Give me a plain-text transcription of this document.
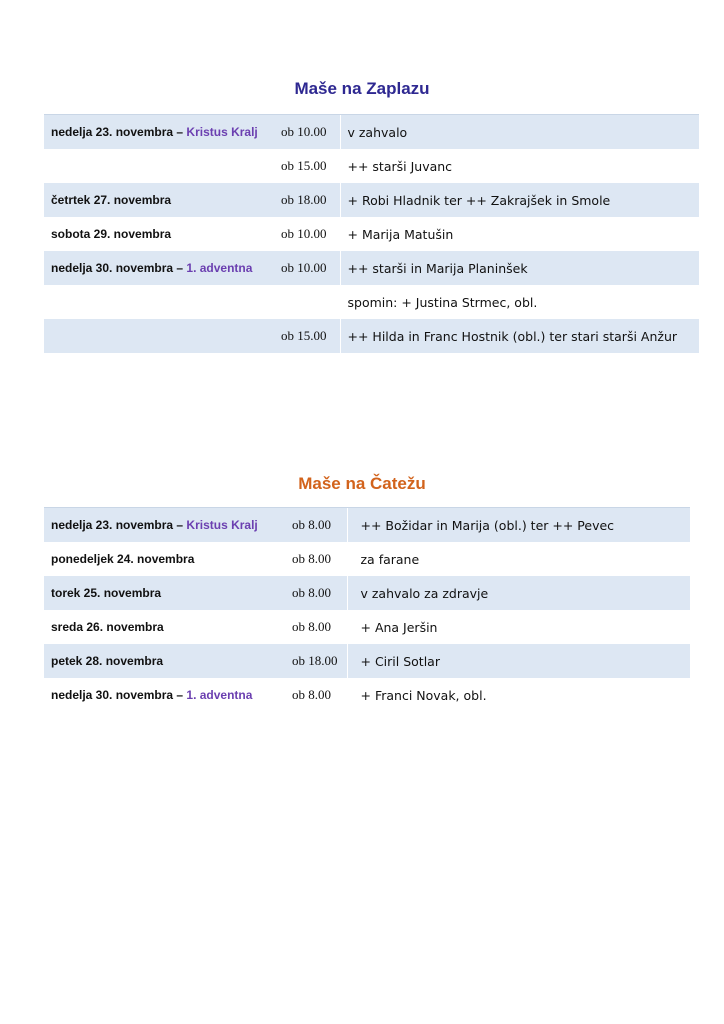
Maše na Zaplazu
nedelja 23. novembra – Kristus Kralj	ob 10.00	v zahvalo
	ob 15.00	++ starši Juvanc
četrtek 27. novembra	ob 18.00	+ Robi Hladnik ter ++ Zakrajšek in Smole
sobota 29. novembra	ob 10.00	+ Marija Matušin
nedelja 30. novembra – 1. adventna	ob 10.00	++ starši in Marija Planinšek
		spomin: + Justina Strmec, obl.
	ob 15.00	++ Hilda in Franc Hostnik (obl.) ter stari starši Anžur
Maše na Čatežu
nedelja 23. novembra – Kristus Kralj	ob 8.00	++ Božidar in Marija (obl.) ter ++ Pevec
ponedeljek 24. novembra	ob 8.00	za farane
torek 25. novembra	ob 8.00	v zahvalo za zdravje
sreda 26. novembra	ob 8.00	+ Ana Jeršin
petek 28. novembra	ob 18.00	+ Ciril Sotlar
nedelja 30. novembra – 1. adventna	ob 8.00	+ Franci Novak, obl.
